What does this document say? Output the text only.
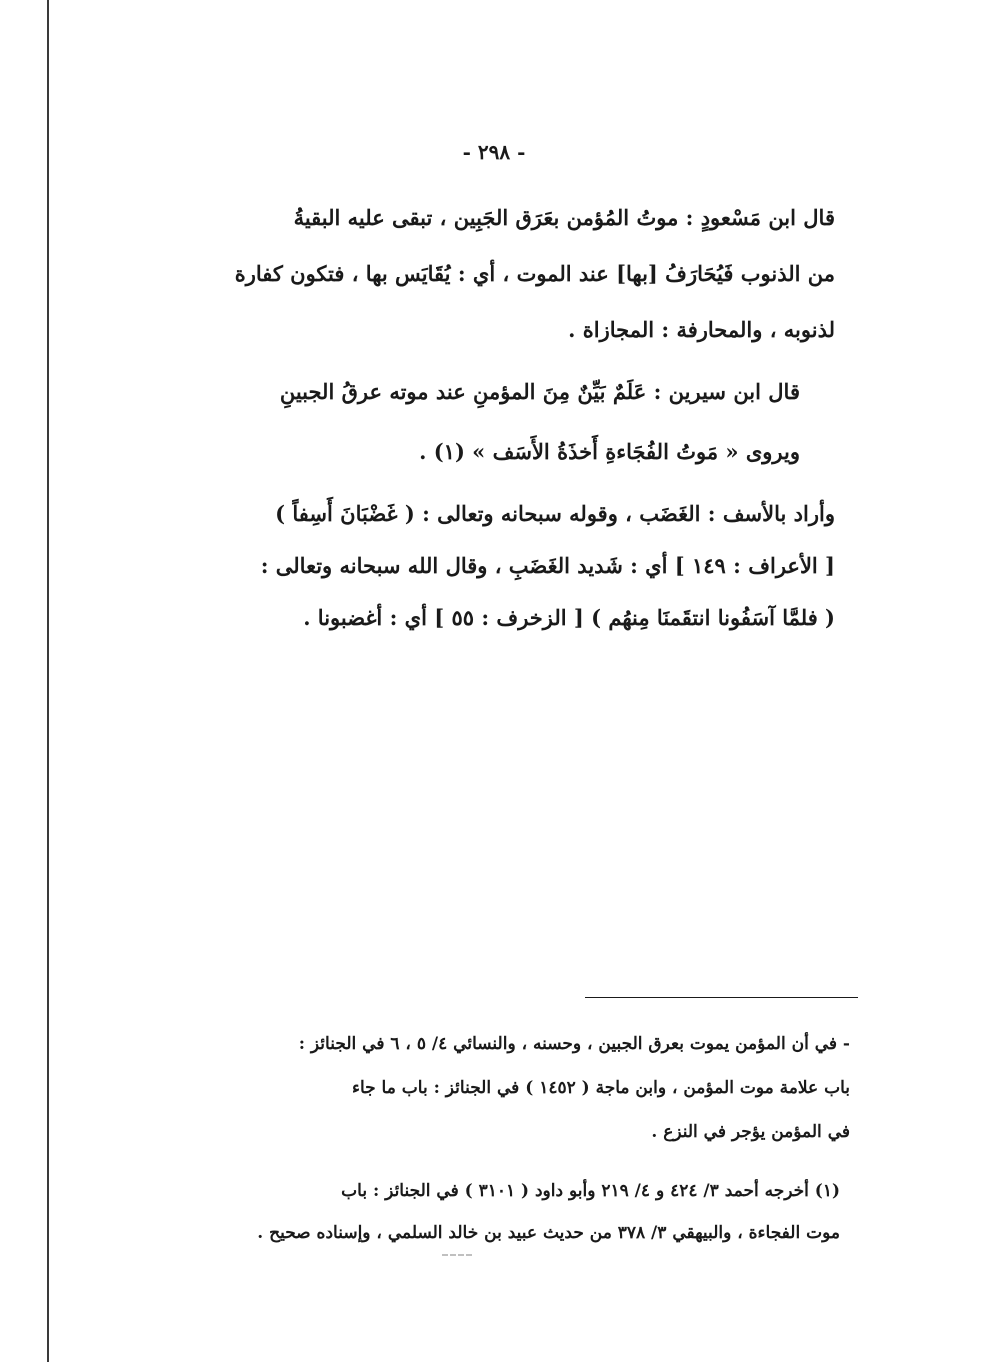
- ٢٩٨ -

قال ابن مَسْعودٍ : موتُ المُؤمن بعَرَق الجَبِين ، تبقى عليه البقيةُ

من الذنوب فَيُحَارَفُ [بها] عند الموت ، أي : يُقَايَس بها ، فتكون كفارة

لذنوبه ، والمحارفة : المجازاة .

قال ابن سيرين : عَلَمٌ بَيِّنٌ مِنَ المؤمنِ عند موته عرقُ الجبينِ

ويروى « مَوتُ الفُجَاءةِ أَخذَةُ الأَسَف » (١) .

وأراد بالأسف : الغَضَب ، وقوله سبحانه وتعالى : ( غَضْبَانَ أَسِفاً )

[ الأعراف : ١٤٩ ] أي : شَديد الغَضَبِ ، وقال الله سبحانه وتعالى :

( فلمَّا آسَفُونا انتقَمنَا مِنهُم ) [ الزخرف : ٥٥ ] أي : أغضبونا .

- في أن المؤمن يموت بعرق الجبين ، وحسنه ، والنسائي ٤/ ٥ ، ٦ في الجنائز :

باب علامة موت المؤمن ، وابن ماجة ( ١٤٥٢ ) في الجنائز : باب ما جاء

في المؤمن يؤجر في النزع .

(١) أخرجه أحمد ٣/ ٤٢٤ و ٤/ ٢١٩ وأبو داود ( ٣١٠١ ) في الجنائز : باب

موت الفجاءة ، والبيهقي ٣/ ٣٧٨ من حديث عبيد بن خالد السلمي ، وإسناده صحيح .
